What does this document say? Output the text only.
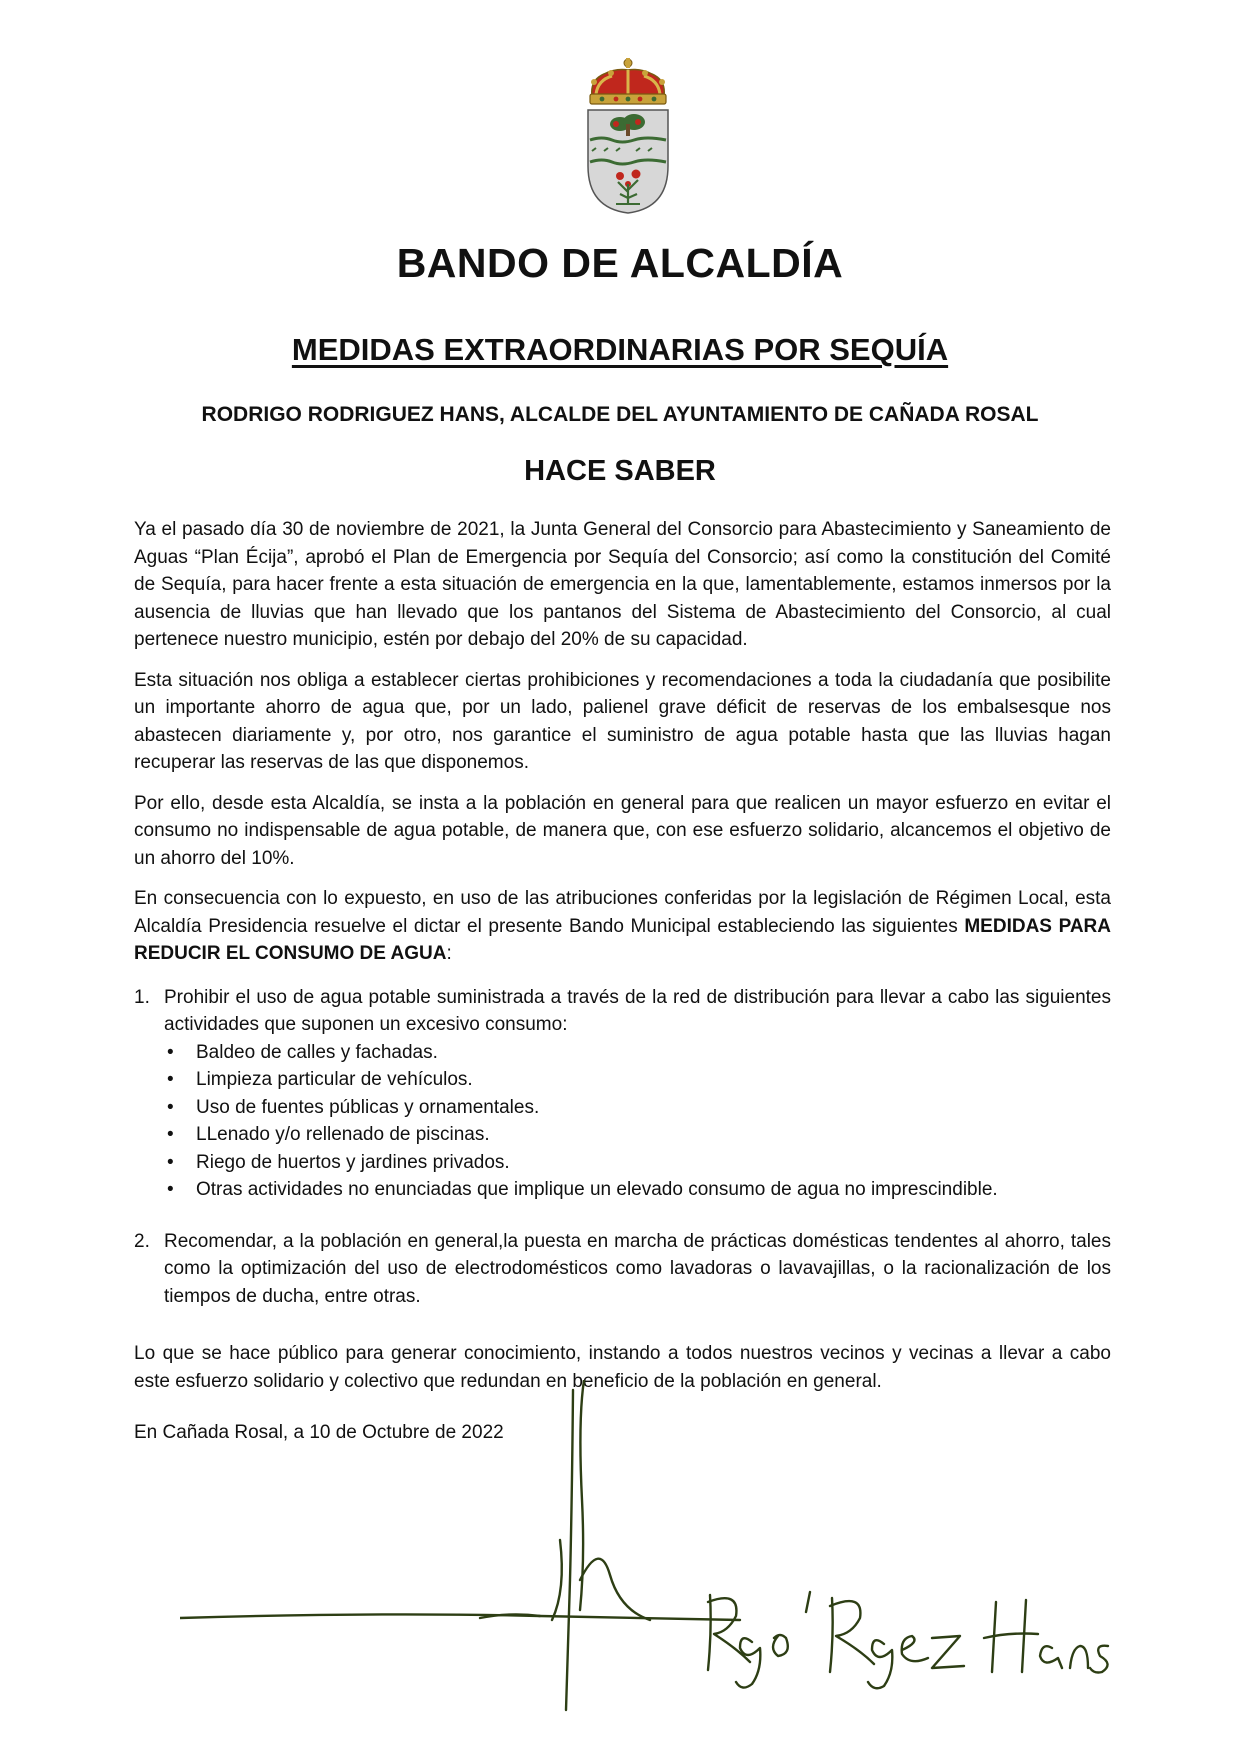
BANDO DE ALCALDÍA
MEDIDAS EXTRAORDINARIAS POR SEQUÍA
RODRIGO RODRIGUEZ HANS, ALCALDE DEL AYUNTAMIENTO DE CAÑADA ROSAL
HACE SABER

Ya el pasado día 30 de noviembre de 2021, la Junta General del Consorcio para Abastecimiento y Saneamiento de Aguas “Plan Écija”, aprobó el Plan de Emergencia por Sequía del Consorcio; así como la constitución del Comité de Sequía, para hacer frente a esta situación de emergencia en la que, lamentablemente, estamos inmersos por la ausencia de lluvias que han llevado que los pantanos del Sistema de Abastecimiento del Consorcio, al cual pertenece nuestro municipio, estén por debajo del 20% de su capacidad.

Esta situación nos obliga a establecer ciertas prohibiciones y recomendaciones a toda la ciudadanía que posibilite un importante ahorro de agua que, por un lado, palienel grave déficit de reservas de los embalsesque nos abastecen diariamente y, por otro, nos garantice el suministro de agua potable hasta que las lluvias hagan recuperar las reservas de las que disponemos.

Por ello, desde esta Alcaldía, se insta a la población en general para que realicen un mayor esfuerzo en evitar el consumo no indispensable de agua potable, de manera que, con ese esfuerzo solidario, alcancemos el objetivo de un ahorro del 10%.

En consecuencia con lo expuesto, en uso de las atribuciones conferidas por la legislación de Régimen Local, esta Alcaldía Presidencia resuelve el dictar el presente Bando Municipal estableciendo las siguientes MEDIDAS PARA REDUCIR EL CONSUMO DE AGUA:

1. Prohibir el uso de agua potable suministrada a través de la red de distribución para llevar a cabo las siguientes actividades que suponen un excesivo consumo:
• Baldeo de calles y fachadas.
• Limpieza particular de vehículos.
• Uso de fuentes públicas y ornamentales.
• LLenado y/o rellenado de piscinas.
• Riego de huertos y jardines privados.
• Otras actividades no enunciadas que implique un elevado consumo de agua no imprescindible.
2. Recomendar, a la población en general,la puesta en marcha de prácticas domésticas tendentes al ahorro, tales como la optimización del uso de electrodomésticos como lavadoras o lavavajillas, o la racionalización de los tiempos de ducha, entre otras.

Lo que se hace público para generar conocimiento, instando a todos nuestros vecinos y vecinas a llevar a cabo este esfuerzo solidario y colectivo que redundan en beneficio de la población en general.

En Cañada Rosal, a 10 de Octubre de 2022
